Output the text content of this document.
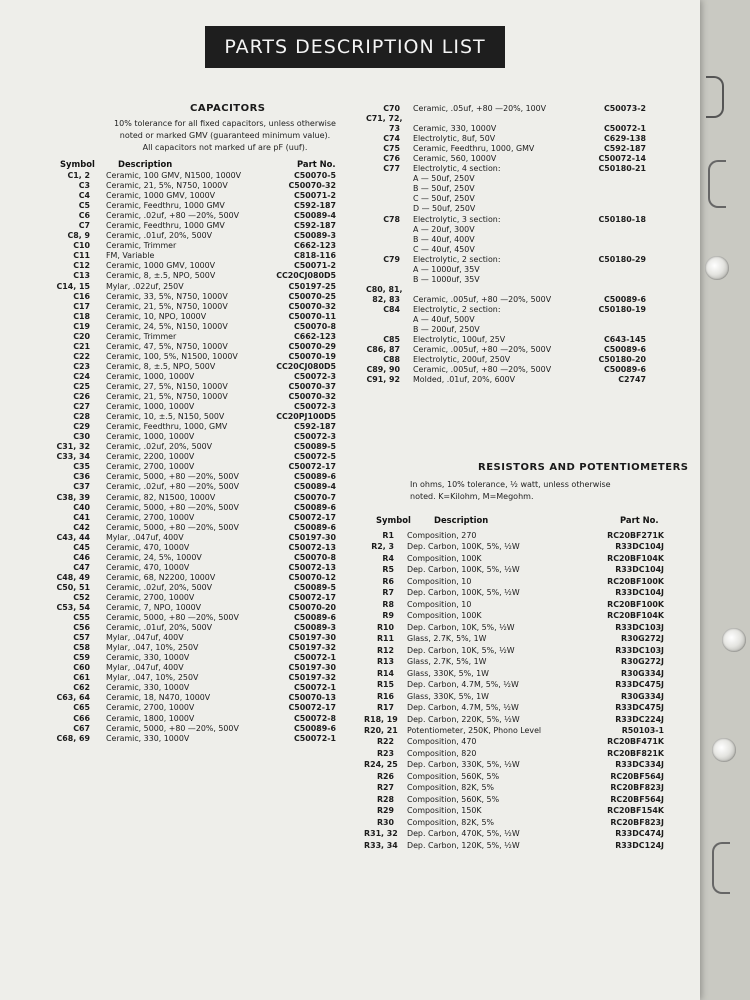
PARTS DESCRIPTION LIST
CAPACITORS
10% tolerance for all fixed capacitors, unless otherwise
noted or marked GMV (guaranteed minimum value).
All capacitors not marked uf are pF (uuf).
Symbol	Description	Part No.
C1, 2 Ceramic, 100 GMV, N1500, 1000V	C50070-5
C3 Ceramic, 21, 5%, N750, 1000V	C50070-32
C4 Ceramic, 1000 GMV, 1000V	C50071-2
C5 Ceramic, Feedthru, 1000 GMV	C592-187
C6 Ceramic, .02uf, +80 —20%, 500V	C50089-4
C7 Ceramic, Feedthru, 1000 GMV	C592-187
C8, 9 Ceramic, .01uf, 20%, 500V	C50089-3
C10 Ceramic, Trimmer	C662-123
C11 FM, Variable	C818-116
C12 Ceramic, 1000 GMV, 1000V	C50071-2
C13 Ceramic, 8, ±.5, NPO, 500V	CC20CJ080D5
C14, 15 Mylar, .022uf, 250V	C50197-25
C16 Ceramic, 33, 5%, N750, 1000V	C50070-25
C17 Ceramic, 21, 5%, N750, 1000V	C50070-32
C18 Ceramic, 10, NPO, 1000V	C50070-11
C19 Ceramic, 24, 5%, N150, 1000V	C50070-8
C20 Ceramic, Trimmer	C662-123
C21 Ceramic, 47, 5%, N750, 1000V	C50070-29
C22 Ceramic, 100, 5%, N1500, 1000V	C50070-19
C23 Ceramic, 8, ±.5, NPO, 500V	CC20CJ080D5
C24 Ceramic, 1000, 1000V	C50072-3
C25 Ceramic, 27, 5%, N150, 1000V	C50070-37
C26 Ceramic, 21, 5%, N750, 1000V	C50070-32
C27 Ceramic, 1000, 1000V	C50072-3
C28 Ceramic, 10, ±.5, N150, 500V	CC20PJ100D5
C29 Ceramic, Feedthru, 1000, GMV	C592-187
C30 Ceramic, 1000, 1000V	C50072-3
C31, 32 Ceramic, .02uf, 20%, 500V	C50089-5
C33, 34 Ceramic, 2200, 1000V	C50072-5
C35 Ceramic, 2700, 1000V	C50072-17
C36 Ceramic, 5000, +80 —20%, 500V	C50089-6
C37 Ceramic, .02uf, +80 —20%, 500V	C50089-4
C38, 39 Ceramic, 82, N1500, 1000V	C50070-7
C40 Ceramic, 5000, +80 —20%, 500V	C50089-6
C41 Ceramic, 2700, 1000V	C50072-17
C42 Ceramic, 5000, +80 —20%, 500V	C50089-6
C43, 44 Mylar, .047uf, 400V	C50197-30
C45 Ceramic, 470, 1000V	C50072-13
C46 Ceramic, 24, 5%, 1000V	C50070-8
C47 Ceramic, 470, 1000V	C50072-13
C48, 49 Ceramic, 68, N2200, 1000V	C50070-12
C50, 51 Ceramic, .02uf, 20%, 500V	C50089-5
C52 Ceramic, 2700, 1000V	C50072-17
C53, 54 Ceramic, 7, NPO, 1000V	C50070-20
C55 Ceramic, 5000, +80 —20%, 500V	C50089-6
C56 Ceramic, .01uf, 20%, 500V	C50089-3
C57 Mylar, .047uf, 400V	C50197-30
C58 Mylar, .047, 10%, 250V	C50197-32
C59 Ceramic, 330, 1000V	C50072-1
C60 Mylar, .047uf, 400V	C50197-30
C61 Mylar, .047, 10%, 250V	C50197-32
C62 Ceramic, 330, 1000V	C50072-1
C63, 64 Ceramic, 18, N470, 1000V	C50070-13
C65 Ceramic, 2700, 1000V	C50072-17
C66 Ceramic, 1800, 1000V	C50072-8
C67 Ceramic, 5000, +80 —20%, 500V	C50089-6
C68, 69 Ceramic, 330, 1000V	C50072-1
C70 Ceramic, .05uf, +80 —20%, 100V	C50073-2
C71, 72,
73 Ceramic, 330, 1000V	C50072-1
C74 Electrolytic, 8uf, 50V	C629-138
C75 Ceramic, Feedthru, 1000, GMV	C592-187
C76 Ceramic, 560, 1000V	C50072-14
C77 Electrolytic, 4 section:	C50180-21
A — 50uf, 250V
B — 50uf, 250V
C — 50uf, 250V
D — 50uf, 250V
C78 Electrolytic, 3 section:	C50180-18
A — 20uf, 300V
B — 40uf, 400V
C — 40uf, 450V
C79 Electrolytic, 2 section:	C50180-29
A — 1000uf, 35V
B — 1000uf, 35V
C80, 81,
82, 83 Ceramic, .005uf, +80 —20%, 500V	C50089-6
C84 Electrolytic, 2 section:	C50180-19
A — 40uf, 500V
B — 200uf, 250V
C85 Electrolytic, 100uf, 25V	C643-145
C86, 87 Ceramic, .005uf, +80 —20%, 500V	C50089-6
C88 Electrolytic, 200uf, 250V	C50180-20
C89, 90 Ceramic, .005uf, +80 —20%, 500V	C50089-6
C91, 92 Molded, .01uf, 20%, 600V	C2747
RESISTORS AND POTENTIOMETERS
In ohms, 10% tolerance, ½ watt, unless otherwise
noted. K=Kilohm, M=Megohm.
Symbol	Description	Part No.
R1 Composition, 270	RC20BF271K
R2, 3 Dep. Carbon, 100K, 5%, ½W	R33DC104J
R4 Composition, 100K	RC20BF104K
R5 Dep. Carbon, 100K, 5%, ½W	R33DC104J
R6 Composition, 10	RC20BF100K
R7 Dep. Carbon, 100K, 5%, ½W	R33DC104J
R8 Composition, 10	RC20BF100K
R9 Composition, 100K	RC20BF104K
R10 Dep. Carbon, 10K, 5%, ½W	R33DC103J
R11 Glass, 2.7K, 5%, 1W	R30G272J
R12 Dep. Carbon, 10K, 5%, ½W	R33DC103J
R13 Glass, 2.7K, 5%, 1W	R30G272J
R14 Glass, 330K, 5%, 1W	R30G334J
R15 Dep. Carbon, 4.7M, 5%, ½W	R33DC475J
R16 Glass, 330K, 5%, 1W	R30G334J
R17 Dep. Carbon, 4.7M, 5%, ½W	R33DC475J
R18, 19 Dep. Carbon, 220K, 5%, ½W	R33DC224J
R20, 21 Potentiometer, 250K, Phono Level	R50103-1
R22 Composition, 470	RC20BF471K
R23 Composition, 820	RC20BF821K
R24, 25 Dep. Carbon, 330K, 5%, ½W	R33DC334J
R26 Composition, 560K, 5%	RC20BF564J
R27 Composition, 82K, 5%	RC20BF823J
R28 Composition, 560K, 5%	RC20BF564J
R29 Composition, 150K	RC20BF154K
R30 Composition, 82K, 5%	RC20BF823J
R31, 32 Dep. Carbon, 470K, 5%, ½W	R33DC474J
R33, 34 Dep. Carbon, 120K, 5%, ½W	R33DC124J
